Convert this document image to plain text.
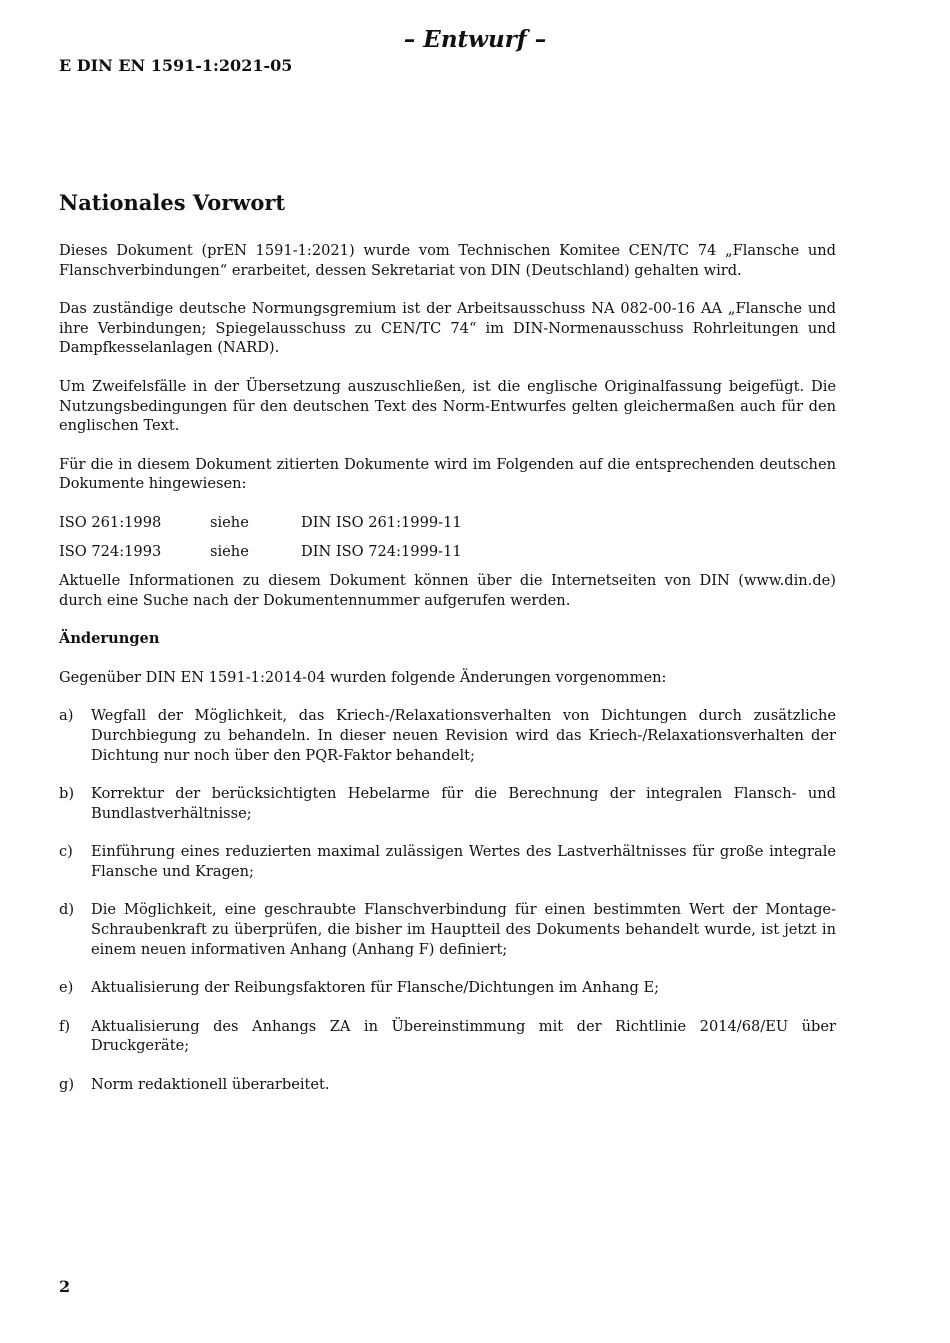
– Entwurf –
E DIN EN 1591-1:2021-05
Nationales Vorwort

Dieses Dokument (prEN 1591-1:2021) wurde vom Technischen Komitee CEN/TC 74 „Flansche und Flanschverbindungen“ erarbeitet, dessen Sekretariat von DIN (Deutschland) gehalten wird.

Das zuständige deutsche Normungsgremium ist der Arbeitsausschuss NA 082-00-16 AA „Flansche und ihre Verbindungen; Spiegelausschuss zu CEN/TC 74“ im DIN-Normenausschuss Rohrleitungen und Dampfkesselanlagen (NARD).

Um Zweifelsfälle in der Übersetzung auszuschließen, ist die englische Originalfassung beigefügt. Die Nutzungsbedingungen für den deutschen Text des Norm-Entwurfes gelten gleichermaßen auch für den englischen Text.

Für die in diesem Dokument zitierten Dokumente wird im Folgenden auf die entsprechenden deutschen Dokumente hingewiesen:

ISO 261:1998	siehe	DIN ISO 261:1999-11
ISO 724:1993	siehe	DIN ISO 724:1999-11

Aktuelle Informationen zu diesem Dokument können über die Internetseiten von DIN (www.din.de) durch eine Suche nach der Dokumentennummer aufgerufen werden.

Änderungen

Gegenüber DIN EN 1591-1:2014-04 wurden folgende Änderungen vorgenommen:

a)	Wegfall der Möglichkeit, das Kriech-/Relaxationsverhalten von Dichtungen durch zusätzliche Durchbiegung zu behandeln. In dieser neuen Revision wird das Kriech-/Relaxationsverhalten der Dichtung nur noch über den PQR-Faktor behandelt;
b)	Korrektur der berücksichtigten Hebelarme für die Berechnung der integralen Flansch- und Bundlastverhältnisse;
c)	Einführung eines reduzierten maximal zulässigen Wertes des Lastverhältnisses für große integrale Flansche und Kragen;
d)	Die Möglichkeit, eine geschraubte Flanschverbindung für einen bestimmten Wert der Montage-Schraubenkraft zu überprüfen, die bisher im Hauptteil des Dokuments behandelt wurde, ist jetzt in einem neuen informativen Anhang (Anhang F) definiert;
e)	Aktualisierung der Reibungsfaktoren für Flansche/Dichtungen im Anhang E;
f)	Aktualisierung des Anhangs ZA in Übereinstimmung mit der Richtlinie 2014/68/EU über Druckgeräte;
g)	Norm redaktionell überarbeitet.
2
